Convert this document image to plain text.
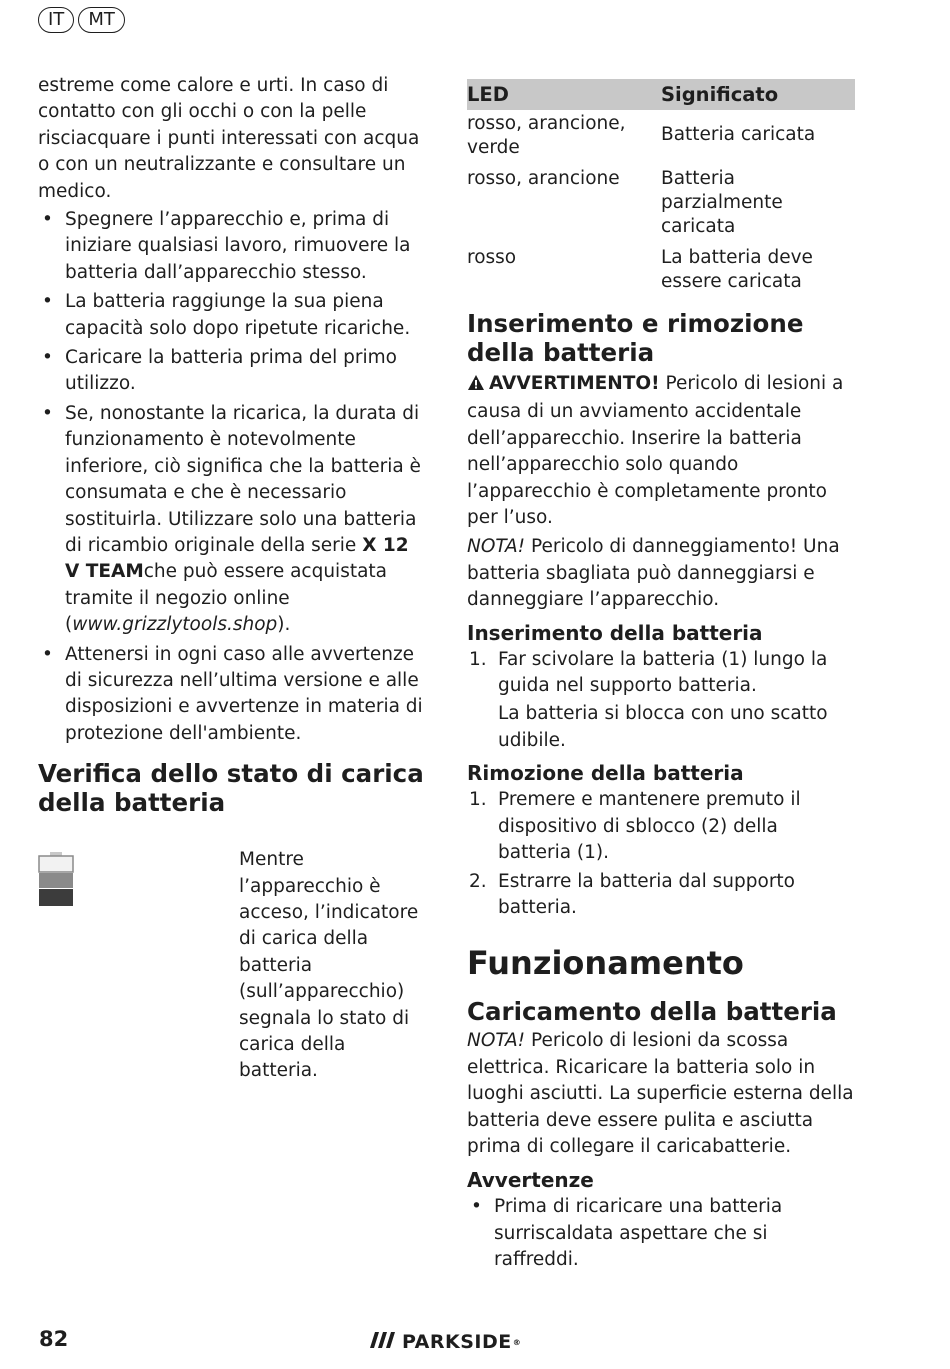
IT	MT

estreme come calore e urti. In caso di contatto con gli occhi o con la pelle risciacquare i punti interessati con acqua o con un neutralizzante e consultare un medico.

• Spegnere l’apparecchio e, prima di iniziare qualsiasi lavoro, rimuovere la batteria dall’apparecchio stesso.
• La batteria raggiunge la sua piena capacità solo dopo ripetute ricariche.
• Caricare la batteria prima del primo utilizzo.
• Se, nonostante la ricarica, la durata di funzionamento è notevolmente inferiore, ciò significa che la batteria è consumata e che è necessario sostituirla. Utilizzare solo una batteria di ricambio originale della serie X 12 V TEAMche può essere acquistata tramite il negozio online (www.grizzlytools.shop).
• Attenersi in ogni caso alle avvertenze di sicurezza nell’ultima versione e alle disposizioni e avvertenze in materia di protezione dell'ambiente.
Verifica dello stato di carica della batteria

Mentre l’apparecchio è acceso, l’indicatore di carica della batteria (sull’apparecchio) segnala lo stato di carica della batteria.

LED	Significato
rosso, arancione, verde	Batteria caricata
rosso, arancione	Batteria parzialmente caricata
rosso	La batteria deve essere caricata
Inserimento e rimozione della batteria

AVVERTIMENTO! Pericolo di lesioni a causa di un avviamento accidentale dell’apparecchio. Inserire la batteria nell’apparecchio solo quando l’apparecchio è completamente pronto per l’uso.

NOTA! Pericolo di danneggiamento! Una batteria sbagliata può danneggiarsi e danneggiare l’apparecchio.

Inserimento della batteria
1. Far scivolare la batteria (1) lungo la guida nel supporto batteria.

La batteria si blocca con uno scatto udibile.

Rimozione della batteria
1. Premere e mantenere premuto il dispositivo di sblocco (2) della batteria (1).
2. Estrarre la batteria dal supporto batteria.
Funzionamento
Caricamento della batteria

NOTA! Pericolo di lesioni da scossa elettrica. Ricaricare la batteria solo in luoghi asciutti. La superficie esterna della batteria deve essere pulita e asciutta prima di collegare il caricabatterie.

Avvertenze
• Prima di ricaricare una batteria surriscaldata aspettare che si raffreddi.
82	PARKSIDE ®
